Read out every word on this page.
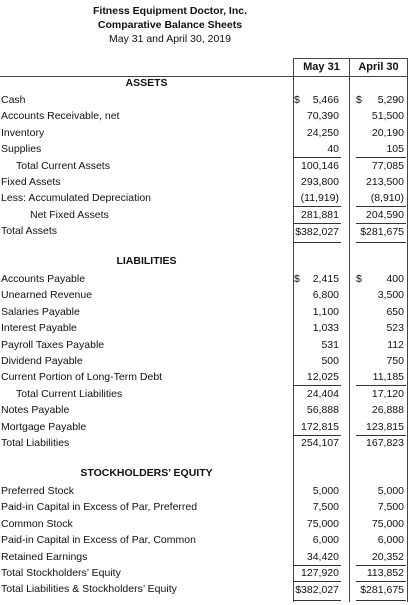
Fitness Equipment Doctor, Inc.
Comparative Balance Sheets
May 31 and April 30, 2019
May 31	April 30
ASSETS
Cash	$ 5,466 $ 5,290
Accounts Receivable, net	70,390	51,500
Inventory	24,250	20,190
Supplies	40	105
Total Current Assets	100,146	77,085
Fixed Assets	293,800	213,500
Less: Accumulated Depreciation	(11,919)	(8,910)
Net Fixed Assets	281,881	204,590
Total Assets	$382,027 $281,675
LIABILITIES
Accounts Payable	$ 2,415 $ 400
Unearned Revenue	6,800	3,500
Salaries Payable	1,100	650
Interest Payable	1,033	523
Payroll Taxes Payable	531	112
Dividend Payable	500	750
Current Portion of Long-Term Debt	12,025	11,185
Total Current Liabilities	24,404	17,120
Notes Payable	56,888	26,888
Mortgage Payable	172,815	123,815
Total Liabilities	254,107	167,823
STOCKHOLDERS’ EQUITY
Preferred Stock	5,000	5,000
Paid-in Capital in Excess of Par, Preferred	7,500	7,500
Common Stock	75,000	75,000
Paid-in Capital in Excess of Par, Common	6,000	6,000
Retained Earnings	34,420	20,352
Total Stockholders’ Equity	127,920	113,852
Total Liabilities & Stockholders’ Equity	$382,027 $281,675
